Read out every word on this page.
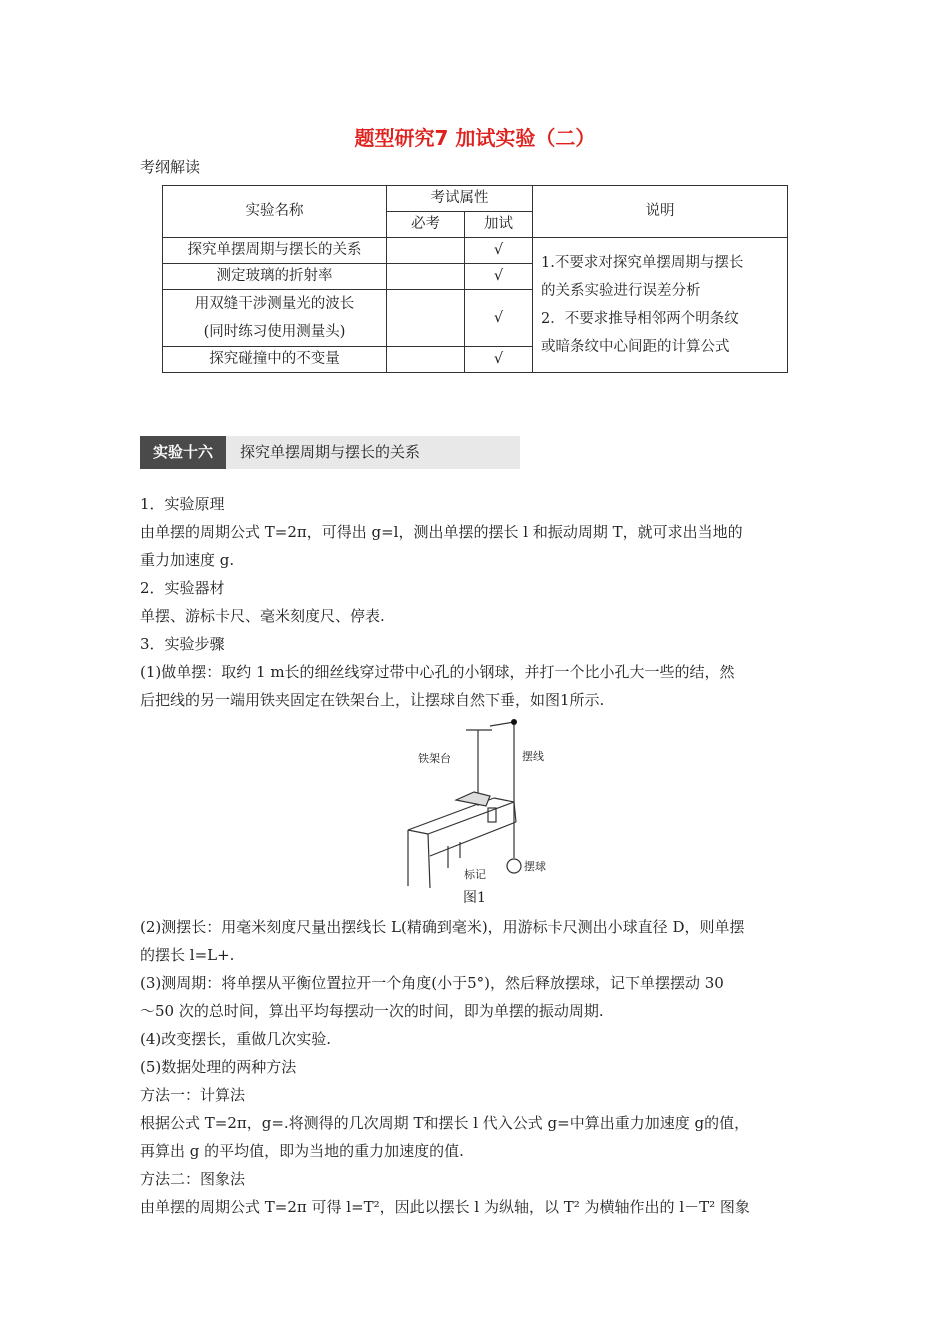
题型研究7 加试实验（二）
考纲解读
实验名称	考试属性		说明
	必考	加试	
探究单摆周期与摆长的关系		√	1.不要求对探究单摆周期与摆长
的关系实验进行误差分析
2．不要求推导相邻两个明条纹
或暗条纹中心间距的计算公式

测定玻璃的折射率		√	

用双缝干涉测量光的波长
(同时练习使用测量头)		√	
探究碰撞中的不变量		√	
实验十六	探究单摆周期与摆长的关系
1．实验原理
由单摆的周期公式 T=2π，可得出 g=l，测出单摆的摆长 l 和振动周期 T，就可求出当地的
重力加速度 g.
2．实验器材
单摆、游标卡尺、毫米刻度尺、停表.
3．实验步骤
(1)做单摆：取约 1 m长的细丝线穿过带中心孔的小钢球，并打一个比小孔大一些的结，然
后把线的另一端用铁夹固定在铁架台上，让摆球自然下垂，如图1所示.
铁架台	摆线
标记
摆球
图1
(2)测摆长：用毫米刻度尺量出摆线长 L(精确到毫米)，用游标卡尺测出小球直径 D，则单摆
的摆长 l=L+.
(3)测周期：将单摆从平衡位置拉开一个角度(小于5°)，然后释放摆球，记下单摆摆动 30
～50 次的总时间，算出平均每摆动一次的时间，即为单摆的振动周期.
(4)改变摆长，重做几次实验.
(5)数据处理的两种方法
方法一：计算法
根据公式 T=2π，g=.将测得的几次周期 T和摆长 l 代入公式 g=中算出重力加速度 g的值，
再算出 g 的平均值，即为当地的重力加速度的值.
方法二：图象法
由单摆的周期公式 T=2π 可得 l=T²，因此以摆长 l 为纵轴，以 T² 为横轴作出的 l－T² 图象
